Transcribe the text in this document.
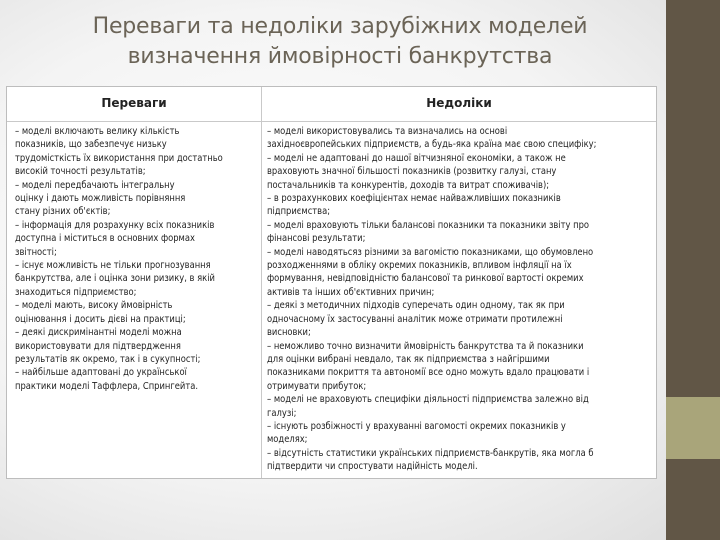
Переваги та недоліки зарубіжних моделей
визначення ймовірності банкрутства
Переваги	Недоліки
– моделі включають велику кількість
показників, що забезпечує низьку
трудомісткість їх використання при достатньо
високій точності результатів;
– моделі передбачають інтегральну
оцінку і дають можливість порівняння
стану різних об'єктів;
– інформація для розрахунку всіх показників
доступна і міститься в основних формах
звітності;
– існує можливість не тільки прогнозування
банкрутства, але і оцінка зони ризику, в якій
знаходиться підприємство;
– моделі мають, високу ймовірність
оцінювання і досить дієві на практиці;
– деякі дискримінантні моделі можна
використовувати для підтвердження
результатів як окремо, так і в сукупності;
– найбільше адаптовані до української
практики моделі Таффлера, Спрингейта.
– моделі використовувались та визначались на основі
західноєвропейських підприємств, а будь-яка країна має свою специфіку;
– моделі не адаптовані до нашої вітчизняної економіки, а також не
враховують значної більшості показників (розвитку галузі, стану
постачальників та конкурентів, доходів та витрат споживачів);
– в розрахункових коефіцієнтах немає найважливіших показників
підприємства;
– моделі враховують тільки балансові показники та показники звіту про
фінансові результати;
– моделі наводятьсяз різними за вагомістю показниками, що обумовлено
розходженнями в обліку окремих показників, впливом інфляції на їх
формування, невідповідністю балансової та ринкової вартості окремих
активів та інших об'єктивних причин;
– деякі з методичних підходів суперечать один одному, так як при
одночасному їх застосуванні аналітик може отримати протилежні
висновки;
– неможливо точно визначити ймовірність банкрутства та й показники
для оцінки вибрані невдало, так як підприємства з найгіршими
показниками покриття та автономії все одно можуть вдало працювати і
отримувати прибуток;
– моделі не враховують специфіки діяльності підприємства залежно від
галузі;
– існують розбіжності у врахуванні вагомості окремих показників у
моделях;
– відсутність статистики українських підприємств-банкрутів, яка могла б
підтвердити чи спростувати надійність моделі.
